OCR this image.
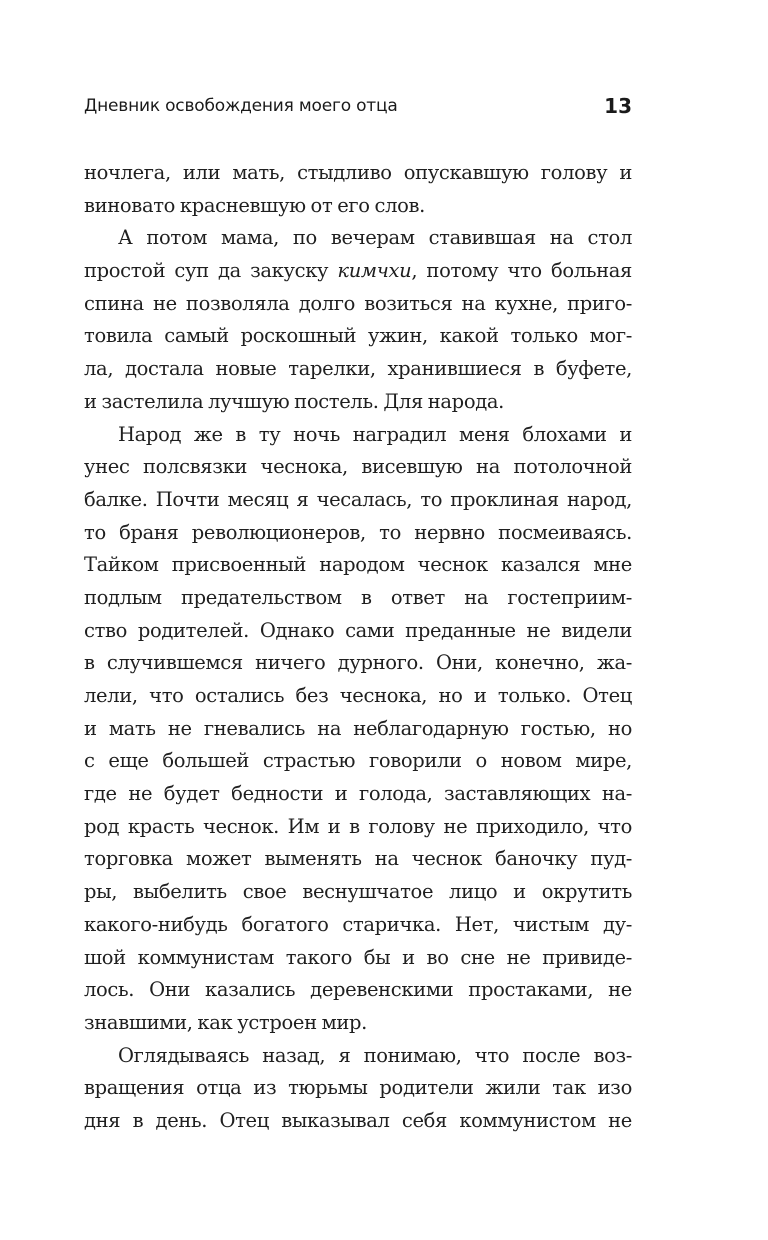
Дневник освобождения моего отца	13
ночлега, или мать, стыдливо опускавшую голову и
виновато красневшую от его слов.
А потом мама, по вечерам ставившая на стол
простой суп да закуску кимчхи, потому что больная
спина не позволяла долго возиться на кухне, приго-
товила самый роскошный ужин, какой только мог-
ла, достала новые тарелки, хранившиеся в буфете,
и застелила лучшую постель. Для народа.
Народ же в ту ночь наградил меня блохами и
унес полсвязки чеснока, висевшую на потолочной
балке. Почти месяц я чесалась, то проклиная народ,
то браня революционеров, то нервно посмеиваясь.
Тайком присвоенный народом чеснок казался мне
подлым предательством в ответ на гостеприим-
ство родителей. Однако сами преданные не видели
в случившемся ничего дурного. Они, конечно, жа-
лели, что остались без чеснока, но и только. Отец
и мать не гневались на неблагодарную гостью, но
с еще большей страстью говорили о новом мире,
где не будет бедности и голода, заставляющих на-
род красть чеснок. Им и в голову не приходило, что
торговка может выменять на чеснок баночку пуд-
ры, выбелить свое веснушчатое лицо и окрутить
какого-нибудь богатого старичка. Нет, чистым ду-
шой коммунистам такого бы и во сне не привиде-
лось. Они казались деревенскими простаками, не
знавшими, как устроен мир.
Оглядываясь назад, я понимаю, что после воз-
вращения отца из тюрьмы родители жили так изо
дня в день. Отец выказывал себя коммунистом не
